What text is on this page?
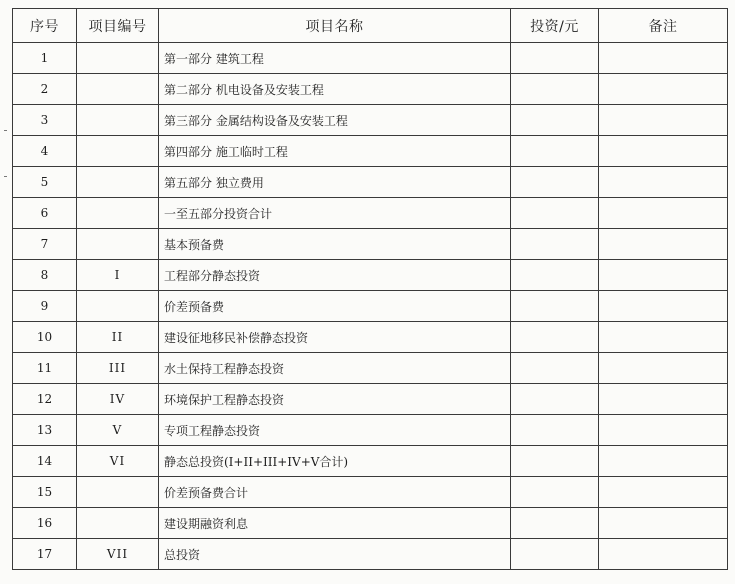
序号	项目编号	项目名称	投资/元	备注
1		第一部分 建筑工程		
2		第二部分 机电设备及安装工程		
3		第三部分 金属结构设备及安装工程		
4		第四部分 施工临时工程		
5		第五部分 独立费用		
6		一至五部分投资合计		
7		基本预备费		
8	I	工程部分静态投资		
9		价差预备费		
10	II	建设征地移民补偿静态投资		
11	III	水土保持工程静态投资		
12	IV	环境保护工程静态投资		
13	V	专项工程静态投资		
14	VI	静态总投资(I+II+III+IV+V合计)		
15		价差预备费合计		
16		建设期融资利息		
17	VII	总投资		
